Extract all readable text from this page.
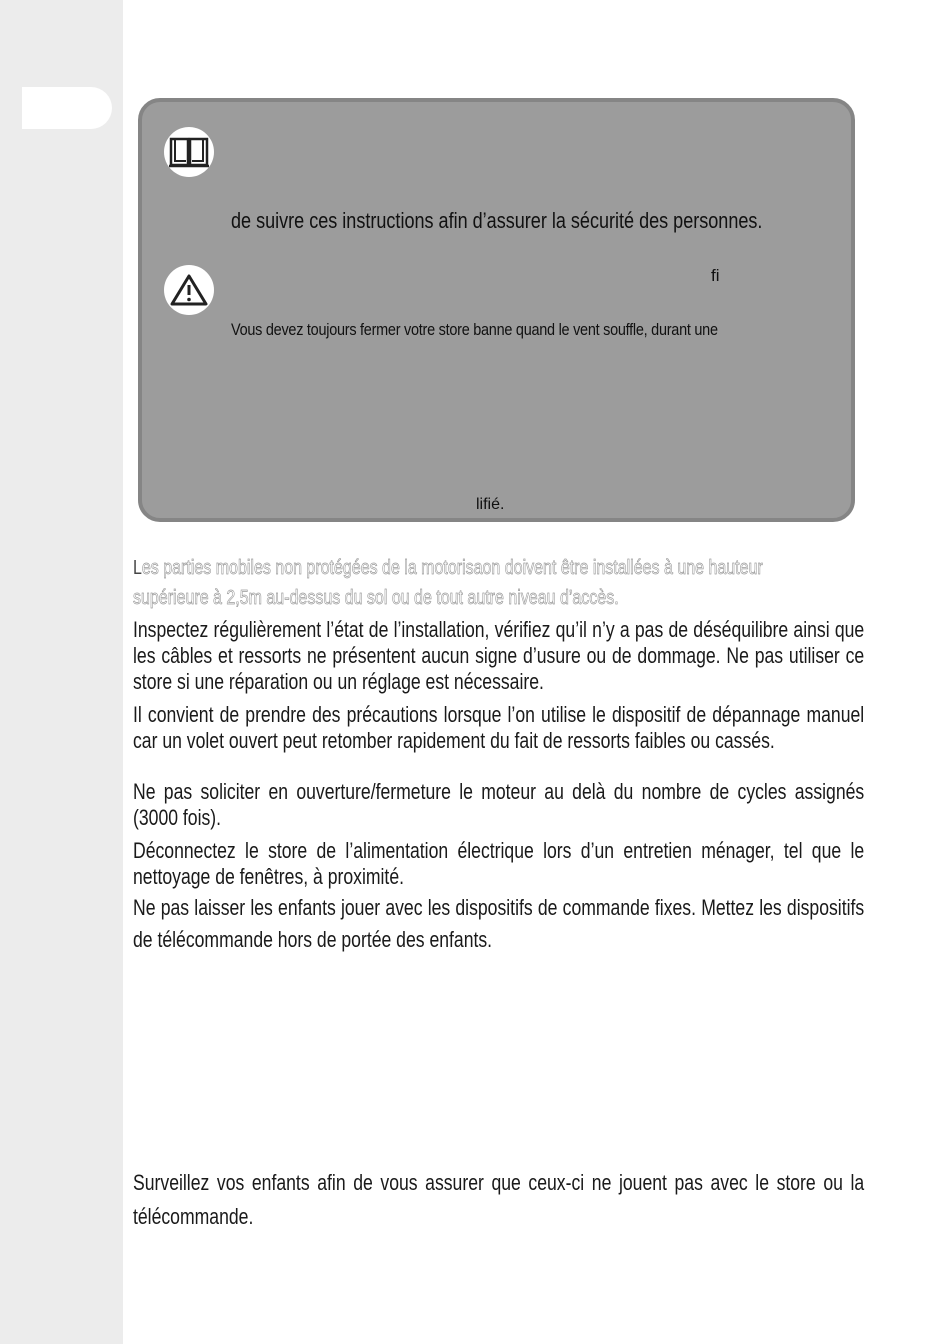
de suivre ces instructions afin d’assurer la sécurité des personnes.
fi
Vous devez toujours fermer votre store banne quand le vent souffle, durant une
lifié.
Les parties mobiles non protégées de la motorisaon doivent être installées à une hauteur
supérieure à 2,5m au-dessus du sol ou de tout autre niveau d’accès.

Inspectez régulièrement l’état de l’installation, vérifiez qu’il n’y a pas de déséquilibre ainsi que les câbles et ressorts ne présentent aucun signe d’usure ou de dommage. Ne pas utiliser ce store si une réparation ou un réglage est nécessaire.

Il convient de prendre des précautions lorsque l’on utilise le dispositif de dépannage manuel car un volet ouvert peut retomber rapidement du fait de ressorts faibles ou cassés.

Ne pas soliciter en ouverture/fermeture le moteur au delà du nombre de cycles assignés (3000 fois).

Déconnectez le store de l’alimentation électrique lors d’un entretien ménager, tel que le nettoyage de fenêtres, à proximité.

Ne pas laisser les enfants jouer avec les dispositifs de commande fixes. Mettez les dispositifs de télécommande hors de portée des enfants.

Surveillez vos enfants afin de vous assurer que ceux-ci ne jouent pas avec le store ou la télécommande.
